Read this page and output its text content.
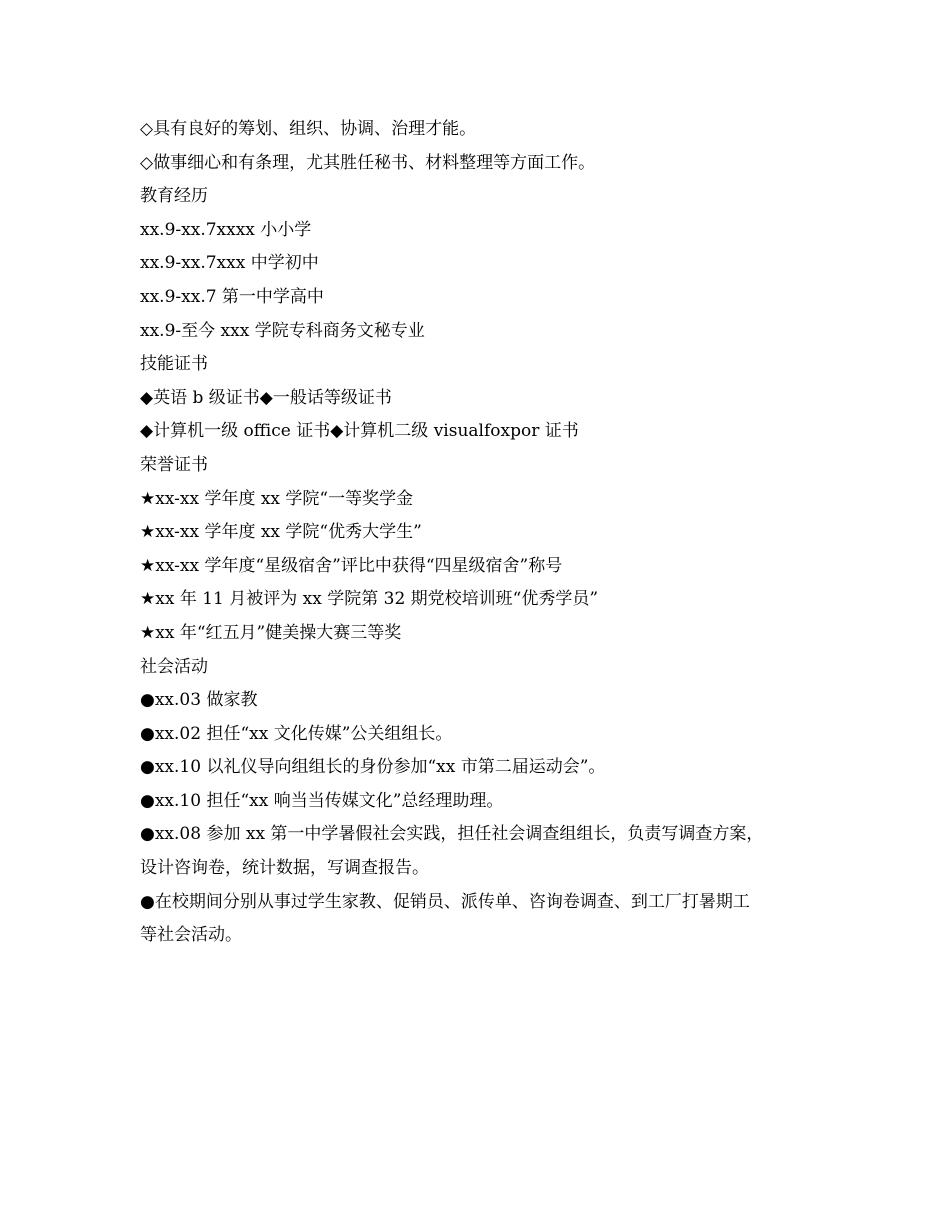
◇具有良好的筹划、组织、协调、治理才能。
◇做事细心和有条理，尤其胜任秘书、材料整理等方面工作。
教育经历
xx.9-xx.7xxxx 小小学
xx.9-xx.7xxx 中学初中
xx.9-xx.7 第一中学高中
xx.9-至今 xxx 学院专科商务文秘专业
技能证书
◆英语 b 级证书◆一般话等级证书
◆计算机一级 office 证书◆计算机二级 visualfoxpor 证书
荣誉证书
★xx-xx 学年度 xx 学院“一等奖学金
★xx-xx 学年度 xx 学院“优秀大学生”
★xx-xx 学年度“星级宿舍”评比中获得“四星级宿舍”称号
★xx 年 11 月被评为 xx 学院第 32 期党校培训班“优秀学员”
★xx 年“红五月”健美操大赛三等奖
社会活动
●xx.03 做家教
●xx.02 担任“xx 文化传媒”公关组组长。
●xx.10 以礼仪导向组组长的身份参加“xx 市第二届运动会”。
●xx.10 担任“xx 响当当传媒文化”总经理助理。
●xx.08 参加 xx 第一中学暑假社会实践，担任社会调查组组长，负责写调查方案，
设计咨询卷，统计数据，写调查报告。
●在校期间分别从事过学生家教、促销员、派传单、咨询卷调查、到工厂打暑期工
等社会活动。
